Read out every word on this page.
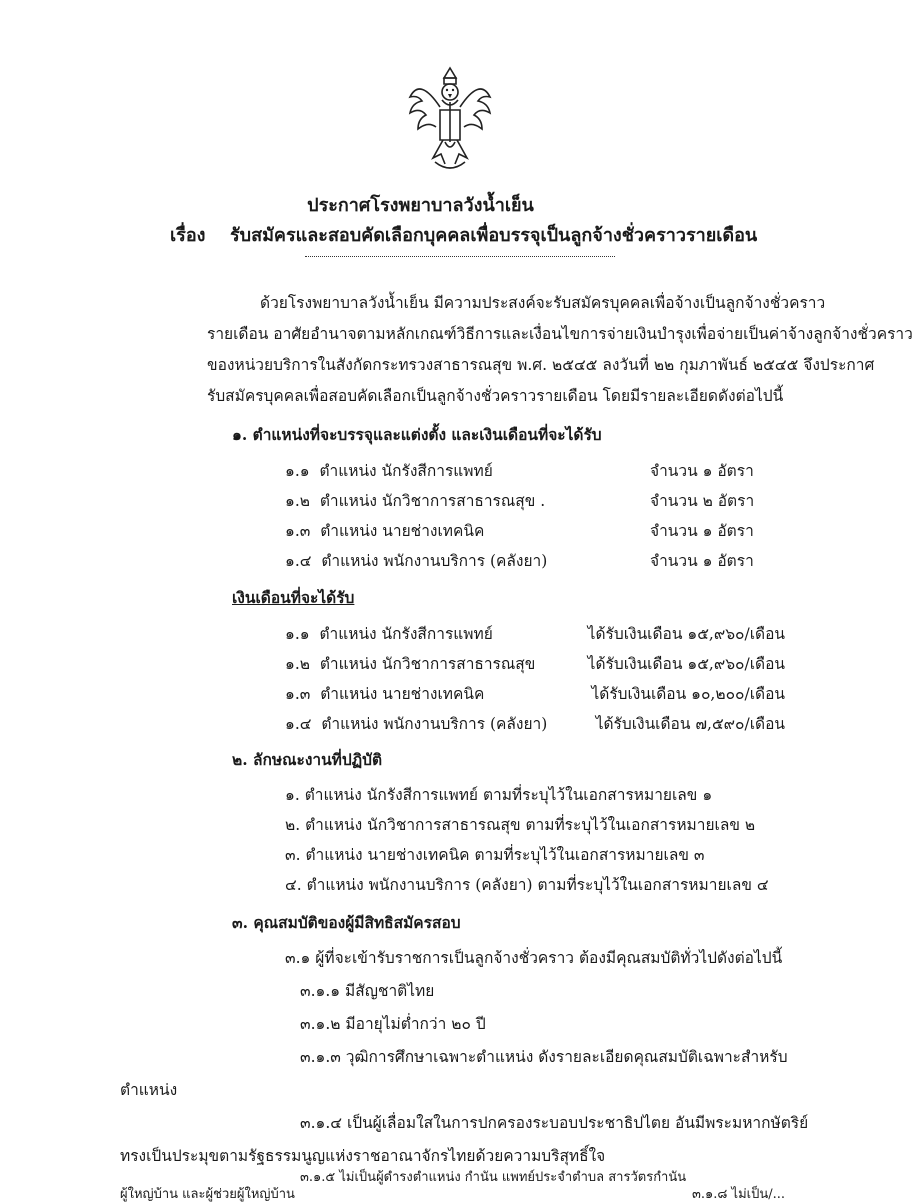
ประกาศโรงพยาบาลวังน้ำเย็น
เรื่อง รับสมัครและสอบคัดเลือกบุคคลเพื่อบรรจุเป็นลูกจ้างชั่วคราวรายเดือน
ด้วยโรงพยาบาลวังน้ำเย็น มีความประสงค์จะรับสมัครบุคคลเพื่อจ้างเป็นลูกจ้างชั่วคราว
รายเดือน อาศัยอำนาจตามหลักเกณฑ์วิธีการและเงื่อนไขการจ่ายเงินบำรุงเพื่อจ่ายเป็นค่าจ้างลูกจ้างชั่วคราว
ของหน่วยบริการในสังกัดกระทรวงสาธารณสุข พ.ศ. ๒๕๔๕ ลงวันที่ ๒๒ กุมภาพันธ์ ๒๕๔๕ จึงประกาศ
รับสมัครบุคคลเพื่อสอบคัดเลือกเป็นลูกจ้างชั่วคราวรายเดือน โดยมีรายละเอียดดังต่อไปนี้
๑. ตำแหน่งที่จะบรรจุและแต่งตั้ง และเงินเดือนที่จะได้รับ
๑.๑ ตำแหน่ง นักรังสีการแพทย์	จำนวน ๑ อัตรา
๑.๒ ตำแหน่ง นักวิชาการสาธารณสุข .	จำนวน ๒ อัตรา
๑.๓ ตำแหน่ง นายช่างเทคนิค	จำนวน ๑ อัตรา
๑.๔ ตำแหน่ง พนักงานบริการ (คลังยา)	จำนวน ๑ อัตรา
เงินเดือนที่จะได้รับ
๑.๑ ตำแหน่ง นักรังสีการแพทย์	ได้รับเงินเดือน ๑๕,๙๖๐/เดือน
๑.๒ ตำแหน่ง นักวิชาการสาธารณสุข	ได้รับเงินเดือน ๑๕,๙๖๐/เดือน
๑.๓ ตำแหน่ง นายช่างเทคนิค	ได้รับเงินเดือน ๑๐,๒๐๐/เดือน
๑.๔ ตำแหน่ง พนักงานบริการ (คลังยา)	ได้รับเงินเดือน ๗,๕๙๐/เดือน
๒. ลักษณะงานที่ปฏิบัติ
๑. ตำแหน่ง นักรังสีการแพทย์ ตามที่ระบุไว้ในเอกสารหมายเลข ๑
๒. ตำแหน่ง นักวิชาการสาธารณสุข ตามที่ระบุไว้ในเอกสารหมายเลข ๒
๓. ตำแหน่ง นายช่างเทคนิค ตามที่ระบุไว้ในเอกสารหมายเลข ๓
๔. ตำแหน่ง พนักงานบริการ (คลังยา) ตามที่ระบุไว้ในเอกสารหมายเลข ๔
๓. คุณสมบัติของผู้มีสิทธิสมัครสอบ
๓.๑ ผู้ที่จะเข้ารับราชการเป็นลูกจ้างชั่วคราว ต้องมีคุณสมบัติทั่วไปดังต่อไปนี้
๓.๑.๑ มีสัญชาติไทย
๓.๑.๒ มีอายุไม่ต่ำกว่า ๒๐ ปี
๓.๑.๓ วุฒิการศึกษาเฉพาะตำแหน่ง ดังรายละเอียดคุณสมบัติเฉพาะสำหรับ
ตำแหน่ง
๓.๑.๔ เป็นผู้เลื่อมใสในการปกครองระบอบประชาธิปไตย อันมีพระมหากษัตริย์
ทรงเป็นประมุขตามรัฐธรรมนูญแห่งราชอาณาจักรไทยด้วยความบริสุทธิ์ใจ
๓.๑.๕ ไม่เป็นผู้ดำรงตำแหน่ง กำนัน แพทย์ประจำตำบล สารวัตรกำนัน
ผู้ใหญ่บ้าน และผู้ช่วยผู้ใหญ่บ้าน	๓.๑.๘ ไม่เป็น/...
